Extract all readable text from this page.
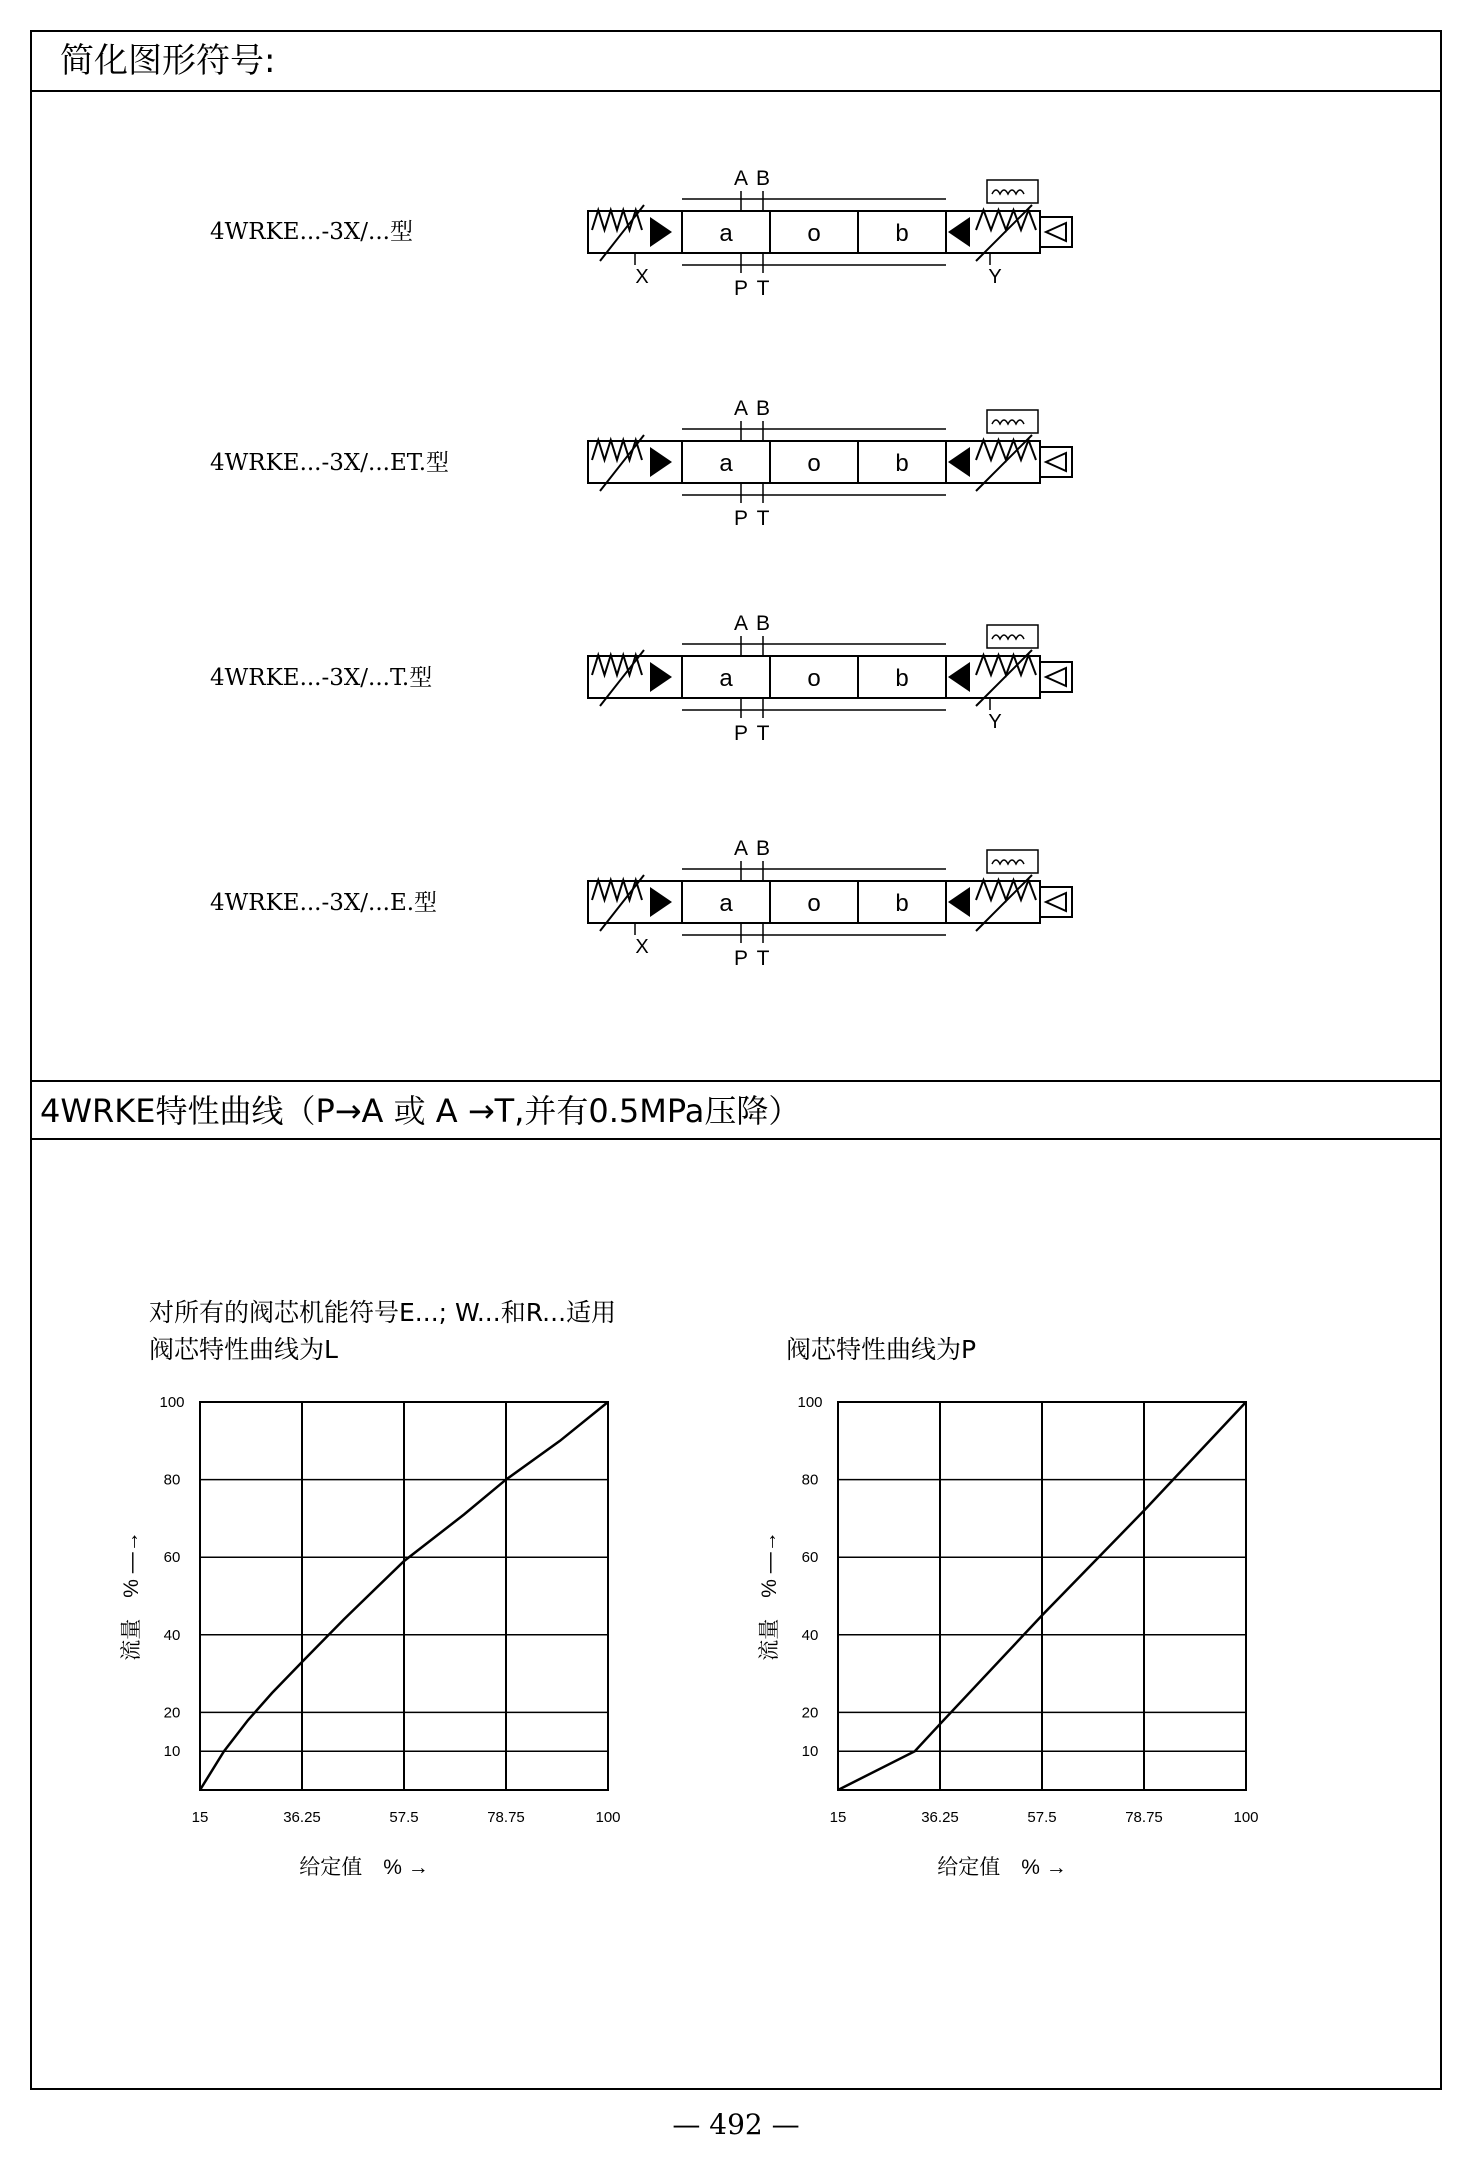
简化图形符号:
4WRKE...-3X/...型
4WRKE...-3X/...ET.型
4WRKE...-3X/...T.型
4WRKE...-3X/...E.型
a	o	b
A B
P T
X	Y
a	o	b
A B
P T
a	o	b
A B
P T	Y
a	o	b
A B
P T
X
4WRKE特性曲线（P→A 或 A →T,并有0.5MPa压降）
对所有的阀芯机能符号E...; W...和R...适用
阀芯特性曲线为L	阀芯特性曲线为P
15	36.25	57.5	78.75	100
10
20
40
60
80
100
给定值　% →
流量　% —→
15	36.25	57.5	78.75	100
10
20
40
60
80
100
给定值　% →
流量　% —→
— 492 —
